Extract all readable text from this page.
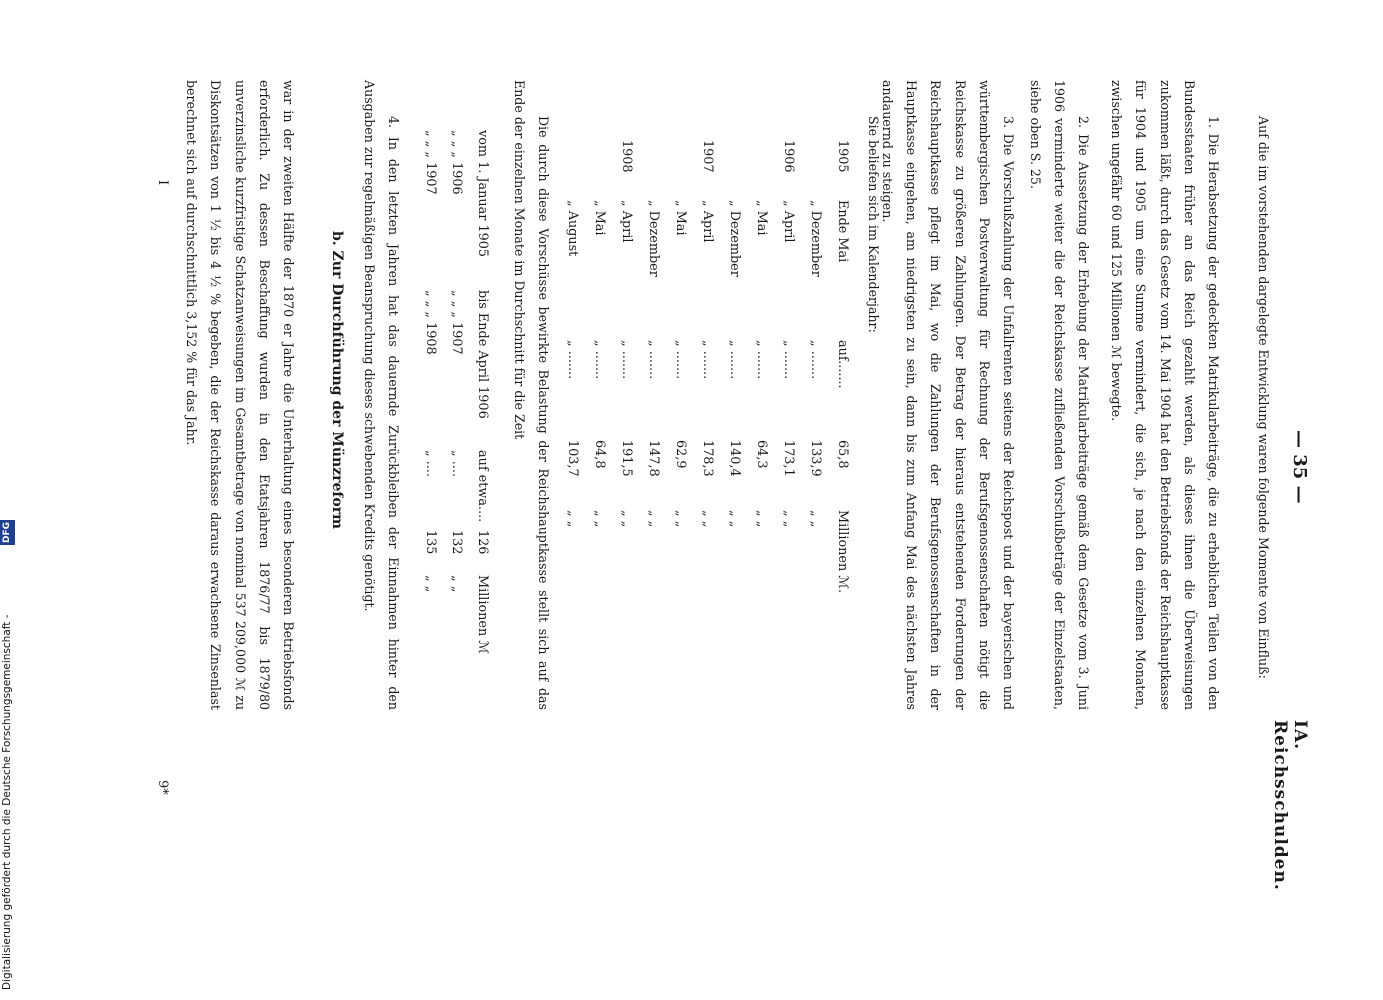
— 35 —
IA. Reichsschulden.

Auf die im vorstehenden dargelegte Entwicklung waren folgende Momente von Einfluß:

1. Die Herabsetzung der gedeckten Matrikularbeiträge, die zu erheblichen Teilen von den Bundesstaaten früher an das Reich gezahlt werden, als dieses ihnen die Überweisungen zukommen läßt, durch das Gesetz vom 14. Mai 1904 hat den Betriebsfonds der Reichshauptkasse für 1904 und 1905 um eine Summe vermindert, die sich, je nach den einzelnen Monaten, zwischen ungefähr 60 und 125 Millionen ℳ bewegte.

2. Die Aussetzung der Erhebung der Matrikularbeiträge gemäß dem Gesetze vom 3. Juni 1906 verminderte weiter die der Reichskasse zufließenden Vorschußbeträge der Einzelstaaten, siehe oben S. 25.

3. Die Vorschußzahlung der Unfallrenten seitens der Reichspost und der bayerischen und württembergischen Postverwaltung für Rechnung der Berufsgenossenschaften nötigt die Reichskasse zu größeren Zahlungen. Der Betrag der hieraus entstehenden Forderungen der Reichshauptkasse pflegt im Mai, wo die Zahlungen der Berufsgenossenschaften in der Hauptkasse eingehen, am niedrigsten zu sein, dann bis zum Anfang Mai des nächsten Jahres andauernd zu steigen.

Sie beliefen sich im Kalenderjahr:

1905
Ende Mai
auf.......
65,8
Millionen ℳ.
„ Dezember
„ .......
133,9
„ „
1906
„ April
„ .......
173,1
„ „
„ Mai
„ .......
64,3
„ „
„ Dezember
„ .......
140,4
„ „
1907
„ April
„ .......
178,3
„ „
„ Mai
„ .......
62,9
„ „
„ Dezember
„ .......
147,8
„ „
1908
„ April
„ .......
191,5
„ „
„ Mai
„ .......
64,8
„ „
„ August
„ .......
103,7
„ „

Die durch diese Vorschüsse bewirkte Belastung der Reichshauptkasse stellt sich auf das Ende der einzelnen Monate im Durchschnitt für die Zeit

vom 1. Januar 1905
bis Ende April 1906
auf etwa....
126
Millionen ℳ
„ „ „ 1906
„ „ „ 1907
„ ....
132
„ „
„ „ „ 1907
„ „ „ 1908
„ ....
135
„ „

4. In den letzten Jahren hat das dauernde Zurückbleiben der Einnahmen hinter den Ausgaben zur regelmäßigen Beanspruchung dieses schwebenden Kredits genötigt.

b. Zur Durchführung der Münzreform

war in der zweiten Hälfte der 1870 er Jahre die Unterhaltung eines besonderen Betriebsfonds erforderlich. Zu dessen Beschaffung wurden in den Etatsjahren 1876/77 bis 1879/80 unverzinsliche kurzfristige Schatzanweisungen im Gesamtbetrage von nominal 537 209,000 ℳ zu Diskontsätzen von 1 ½ bis 4 ½ % begeben, die der Reichskasse daraus erwachsene Zinsenlast berechnet sich auf durchschnittlich 3,152 % für das Jahr.

I
9*
Digitalisierung gefördert durch die Deutsche Forschungsgemeinschaft -
DFG
